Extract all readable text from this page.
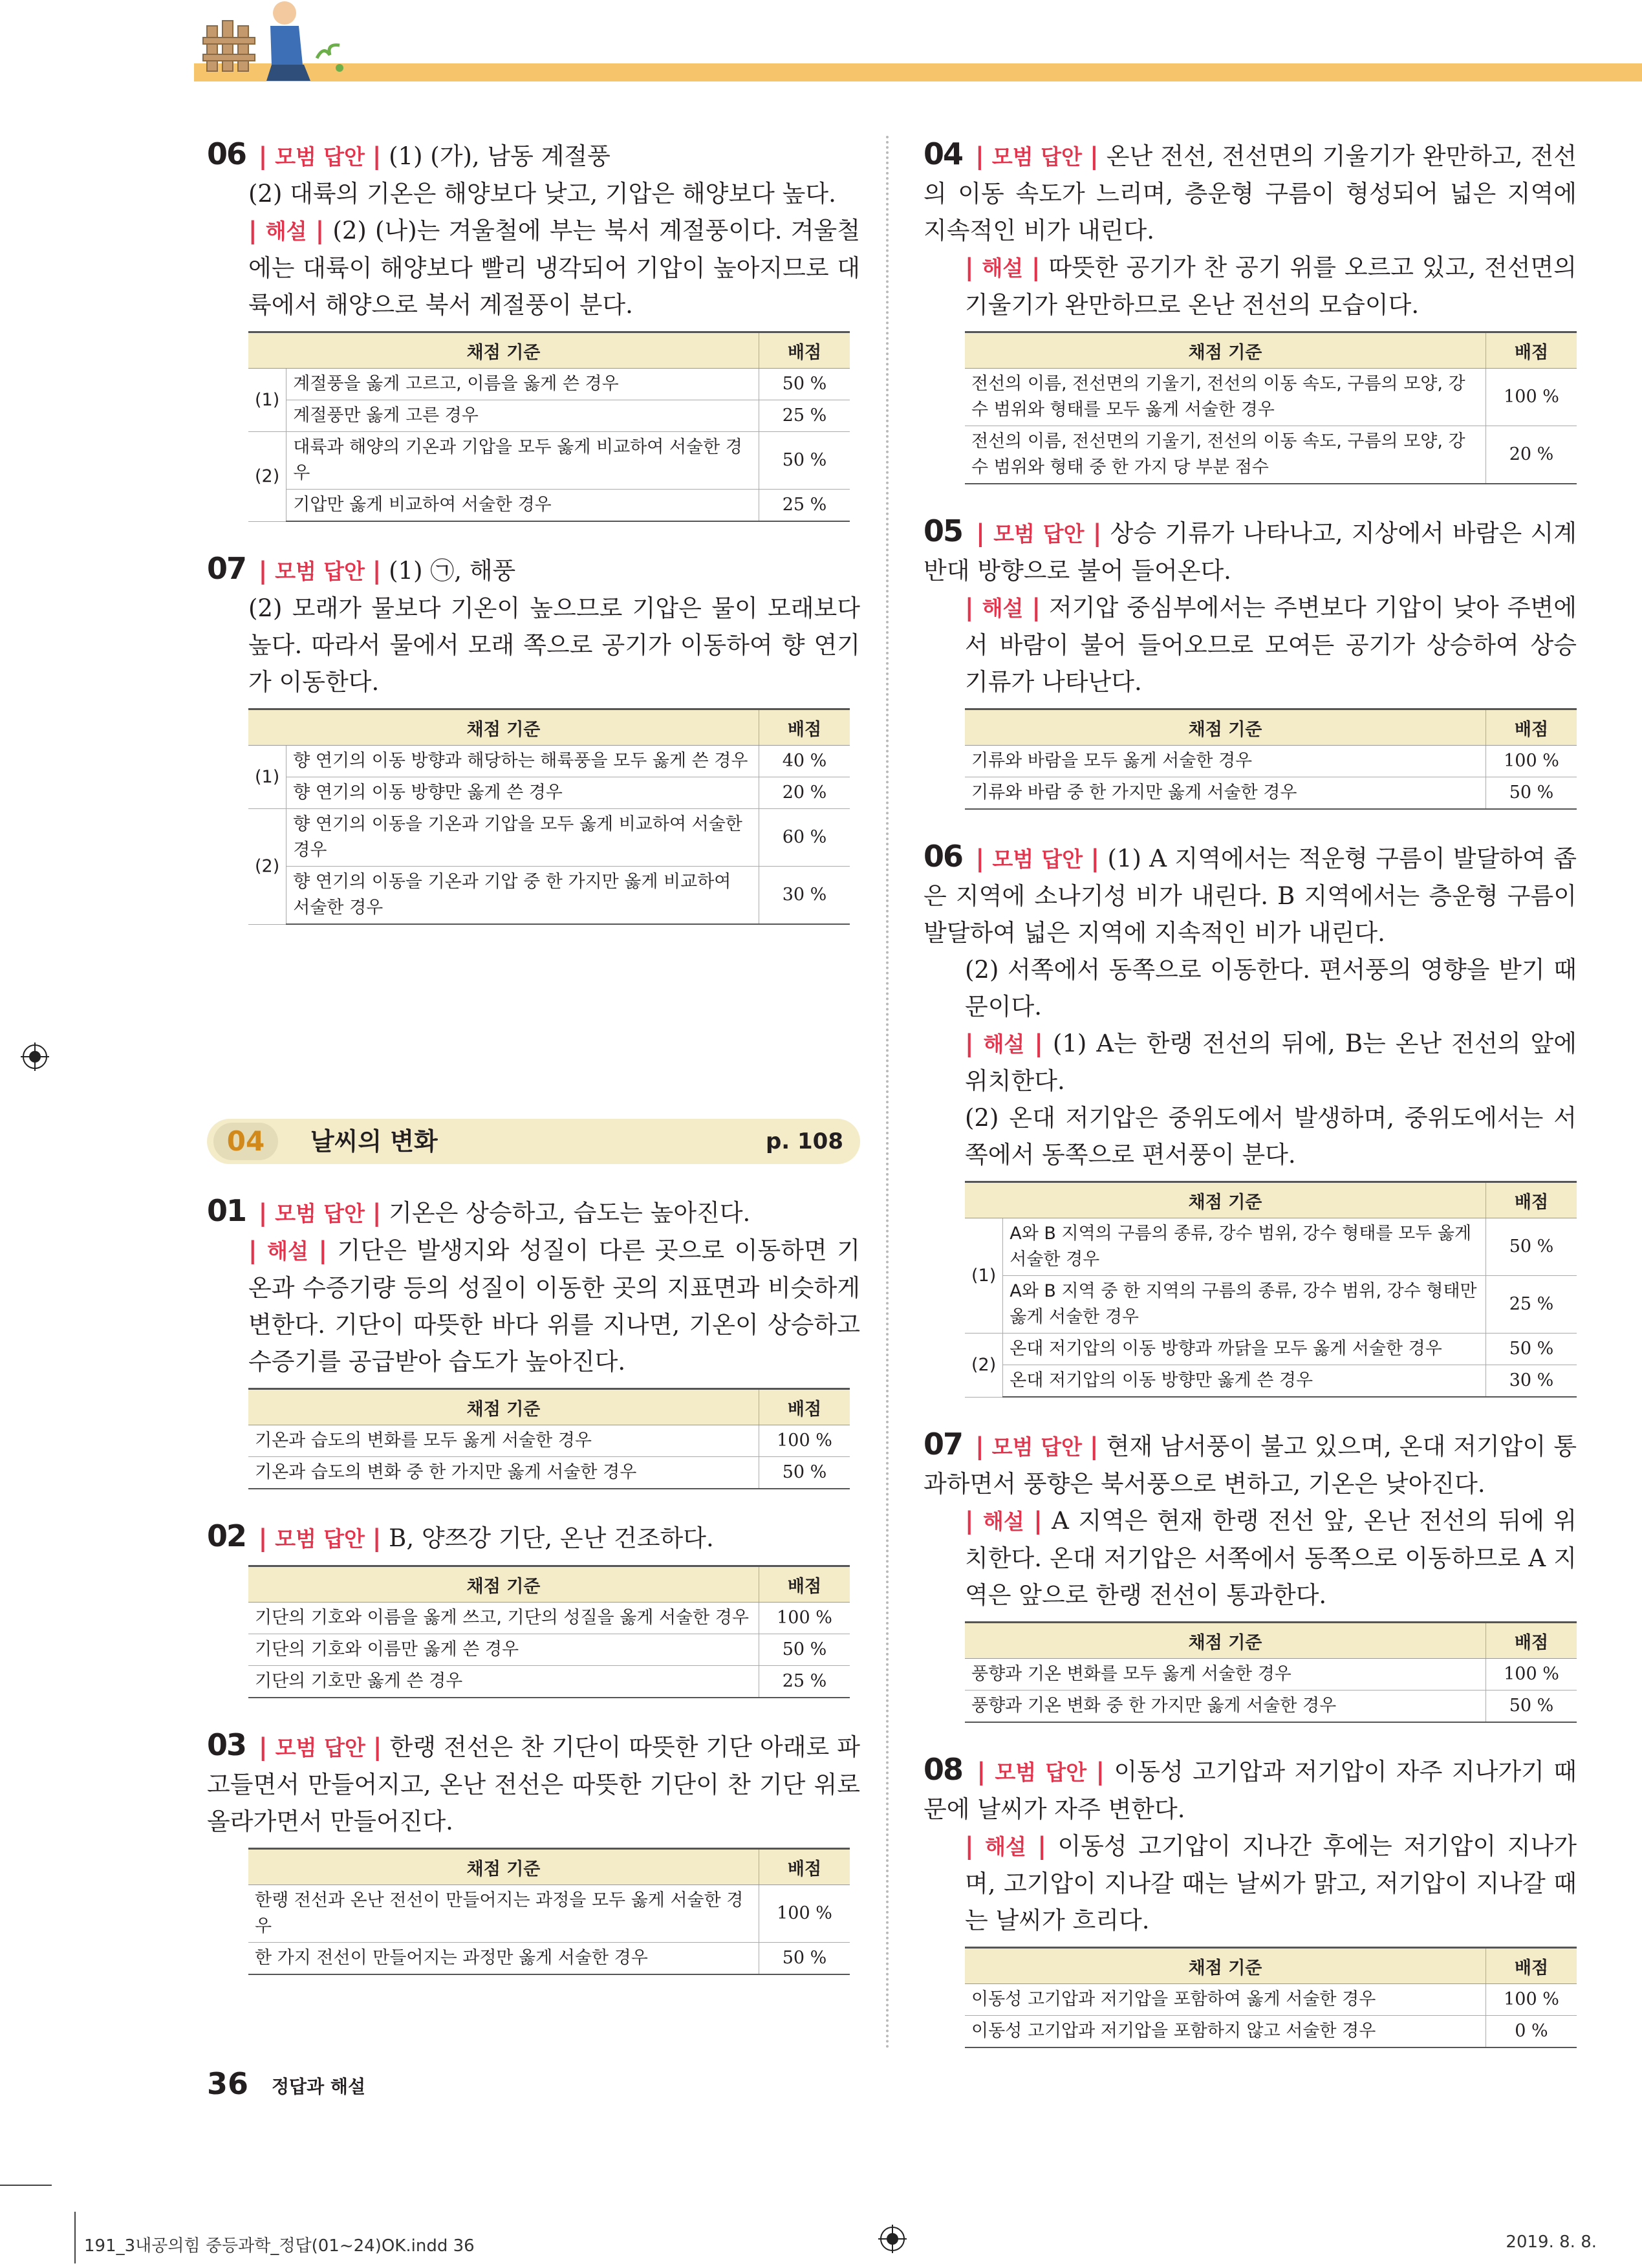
06 | 모범 답안 | (1) (가), 남동 계절풍

(2) 대륙의 기온은 해양보다 낮고, 기압은 해양보다 높다.

| 해설 | (2) (나)는 겨울철에 부는 북서 계절풍이다. 겨울철에는 대륙이 해양보다 빨리 냉각되어 기압이 높아지므로 대륙에서 해양으로 북서 계절풍이 분다.

채점 기준		배점
(1)	계절풍을 옳게 고르고, 이름을 옳게 쓴 경우	50 %
	계절풍만 옳게 고른 경우	25 %
(2)	대륙과 해양의 기온과 기압을 모두 옳게 비교하여 서술한 경우	50 %
	기압만 옳게 비교하여 서술한 경우	25 %

07 | 모범 답안 | (1) ㉠, 해풍

(2) 모래가 물보다 기온이 높으므로 기압은 물이 모래보다 높다. 따라서 물에서 모래 쪽으로 공기가 이동하여 향 연기가 이동한다.

채점 기준		배점
(1)	향 연기의 이동 방향과 해당하는 해륙풍을 모두 옳게 쓴 경우	40 %
	향 연기의 이동 방향만 옳게 쓴 경우	20 %
(2)	향 연기의 이동을 기온과 기압을 모두 옳게 비교하여 서술한 경우	60 %
	향 연기의 이동을 기온과 기압 중 한 가지만 옳게 비교하여 서술한 경우	30 %
04	날씨의 변화	p. 108

01 | 모범 답안 | 기온은 상승하고, 습도는 높아진다.

| 해설 | 기단은 발생지와 성질이 다른 곳으로 이동하면 기온과 수증기량 등의 성질이 이동한 곳의 지표면과 비슷하게 변한다. 기단이 따뜻한 바다 위를 지나면, 기온이 상승하고 수증기를 공급받아 습도가 높아진다.

채점 기준	배점
기온과 습도의 변화를 모두 옳게 서술한 경우	100 %
기온과 습도의 변화 중 한 가지만 옳게 서술한 경우	50 %

02 | 모범 답안 | B, 양쯔강 기단, 온난 건조하다.

채점 기준	배점
기단의 기호와 이름을 옳게 쓰고, 기단의 성질을 옳게 서술한 경우	100 %
기단의 기호와 이름만 옳게 쓴 경우	50 %
기단의 기호만 옳게 쓴 경우	25 %

03 | 모범 답안 | 한랭 전선은 찬 기단이 따뜻한 기단 아래로 파고들면서 만들어지고, 온난 전선은 따뜻한 기단이 찬 기단 위로 올라가면서 만들어진다.

채점 기준	배점
한랭 전선과 온난 전선이 만들어지는 과정을 모두 옳게 서술한 경우	100 %
한 가지 전선이 만들어지는 과정만 옳게 서술한 경우	50 %

04 | 모범 답안 | 온난 전선, 전선면의 기울기가 완만하고, 전선의 이동 속도가 느리며, 층운형 구름이 형성되어 넓은 지역에 지속적인 비가 내린다.

| 해설 | 따뜻한 공기가 찬 공기 위를 오르고 있고, 전선면의 기울기가 완만하므로 온난 전선의 모습이다.

채점 기준	배점
전선의 이름, 전선면의 기울기, 전선의 이동 속도, 구름의 모양, 강수 범위와 형태를 모두 옳게 서술한 경우	100 %
전선의 이름, 전선면의 기울기, 전선의 이동 속도, 구름의 모양, 강수 범위와 형태 중 한 가지 당 부분 점수	20 %

05 | 모범 답안 | 상승 기류가 나타나고, 지상에서 바람은 시계 반대 방향으로 불어 들어온다.

| 해설 | 저기압 중심부에서는 주변보다 기압이 낮아 주변에서 바람이 불어 들어오므로 모여든 공기가 상승하여 상승 기류가 나타난다.

채점 기준	배점
기류와 바람을 모두 옳게 서술한 경우	100 %
기류와 바람 중 한 가지만 옳게 서술한 경우	50 %

06 | 모범 답안 | (1) A 지역에서는 적운형 구름이 발달하여 좁은 지역에 소나기성 비가 내린다. B 지역에서는 층운형 구름이 발달하여 넓은 지역에 지속적인 비가 내린다.

(2) 서쪽에서 동쪽으로 이동한다. 편서풍의 영향을 받기 때문이다.

| 해설 | (1) A는 한랭 전선의 뒤에, B는 온난 전선의 앞에 위치한다.

(2) 온대 저기압은 중위도에서 발생하며, 중위도에서는 서쪽에서 동쪽으로 편서풍이 분다.

채점 기준		배점
(1)	A와 B 지역의 구름의 종류, 강수 범위, 강수 형태를 모두 옳게 서술한 경우	50 %
	A와 B 지역 중 한 지역의 구름의 종류, 강수 범위, 강수 형태만 옳게 서술한 경우	25 %
(2)	온대 저기압의 이동 방향과 까닭을 모두 옳게 서술한 경우	50 %
	온대 저기압의 이동 방향만 옳게 쓴 경우	30 %

07 | 모범 답안 | 현재 남서풍이 불고 있으며, 온대 저기압이 통과하면서 풍향은 북서풍으로 변하고, 기온은 낮아진다.

| 해설 | A 지역은 현재 한랭 전선 앞, 온난 전선의 뒤에 위치한다. 온대 저기압은 서쪽에서 동쪽으로 이동하므로 A 지역은 앞으로 한랭 전선이 통과한다.

채점 기준	배점
풍향과 기온 변화를 모두 옳게 서술한 경우	100 %
풍향과 기온 변화 중 한 가지만 옳게 서술한 경우	50 %

08 | 모범 답안 | 이동성 고기압과 저기압이 자주 지나가기 때문에 날씨가 자주 변한다.

| 해설 | 이동성 고기압이 지나간 후에는 저기압이 지나가며, 고기압이 지나갈 때는 날씨가 맑고, 저기압이 지나갈 때는 날씨가 흐리다.

채점 기준	배점
이동성 고기압과 저기압을 포함하여 옳게 서술한 경우	100 %
이동성 고기압과 저기압을 포함하지 않고 서술한 경우	0 %
36 정답과 해설
191_3내공의힘 중등과학_정답(01~24)OK.indd 36	2019. 8. 8.
